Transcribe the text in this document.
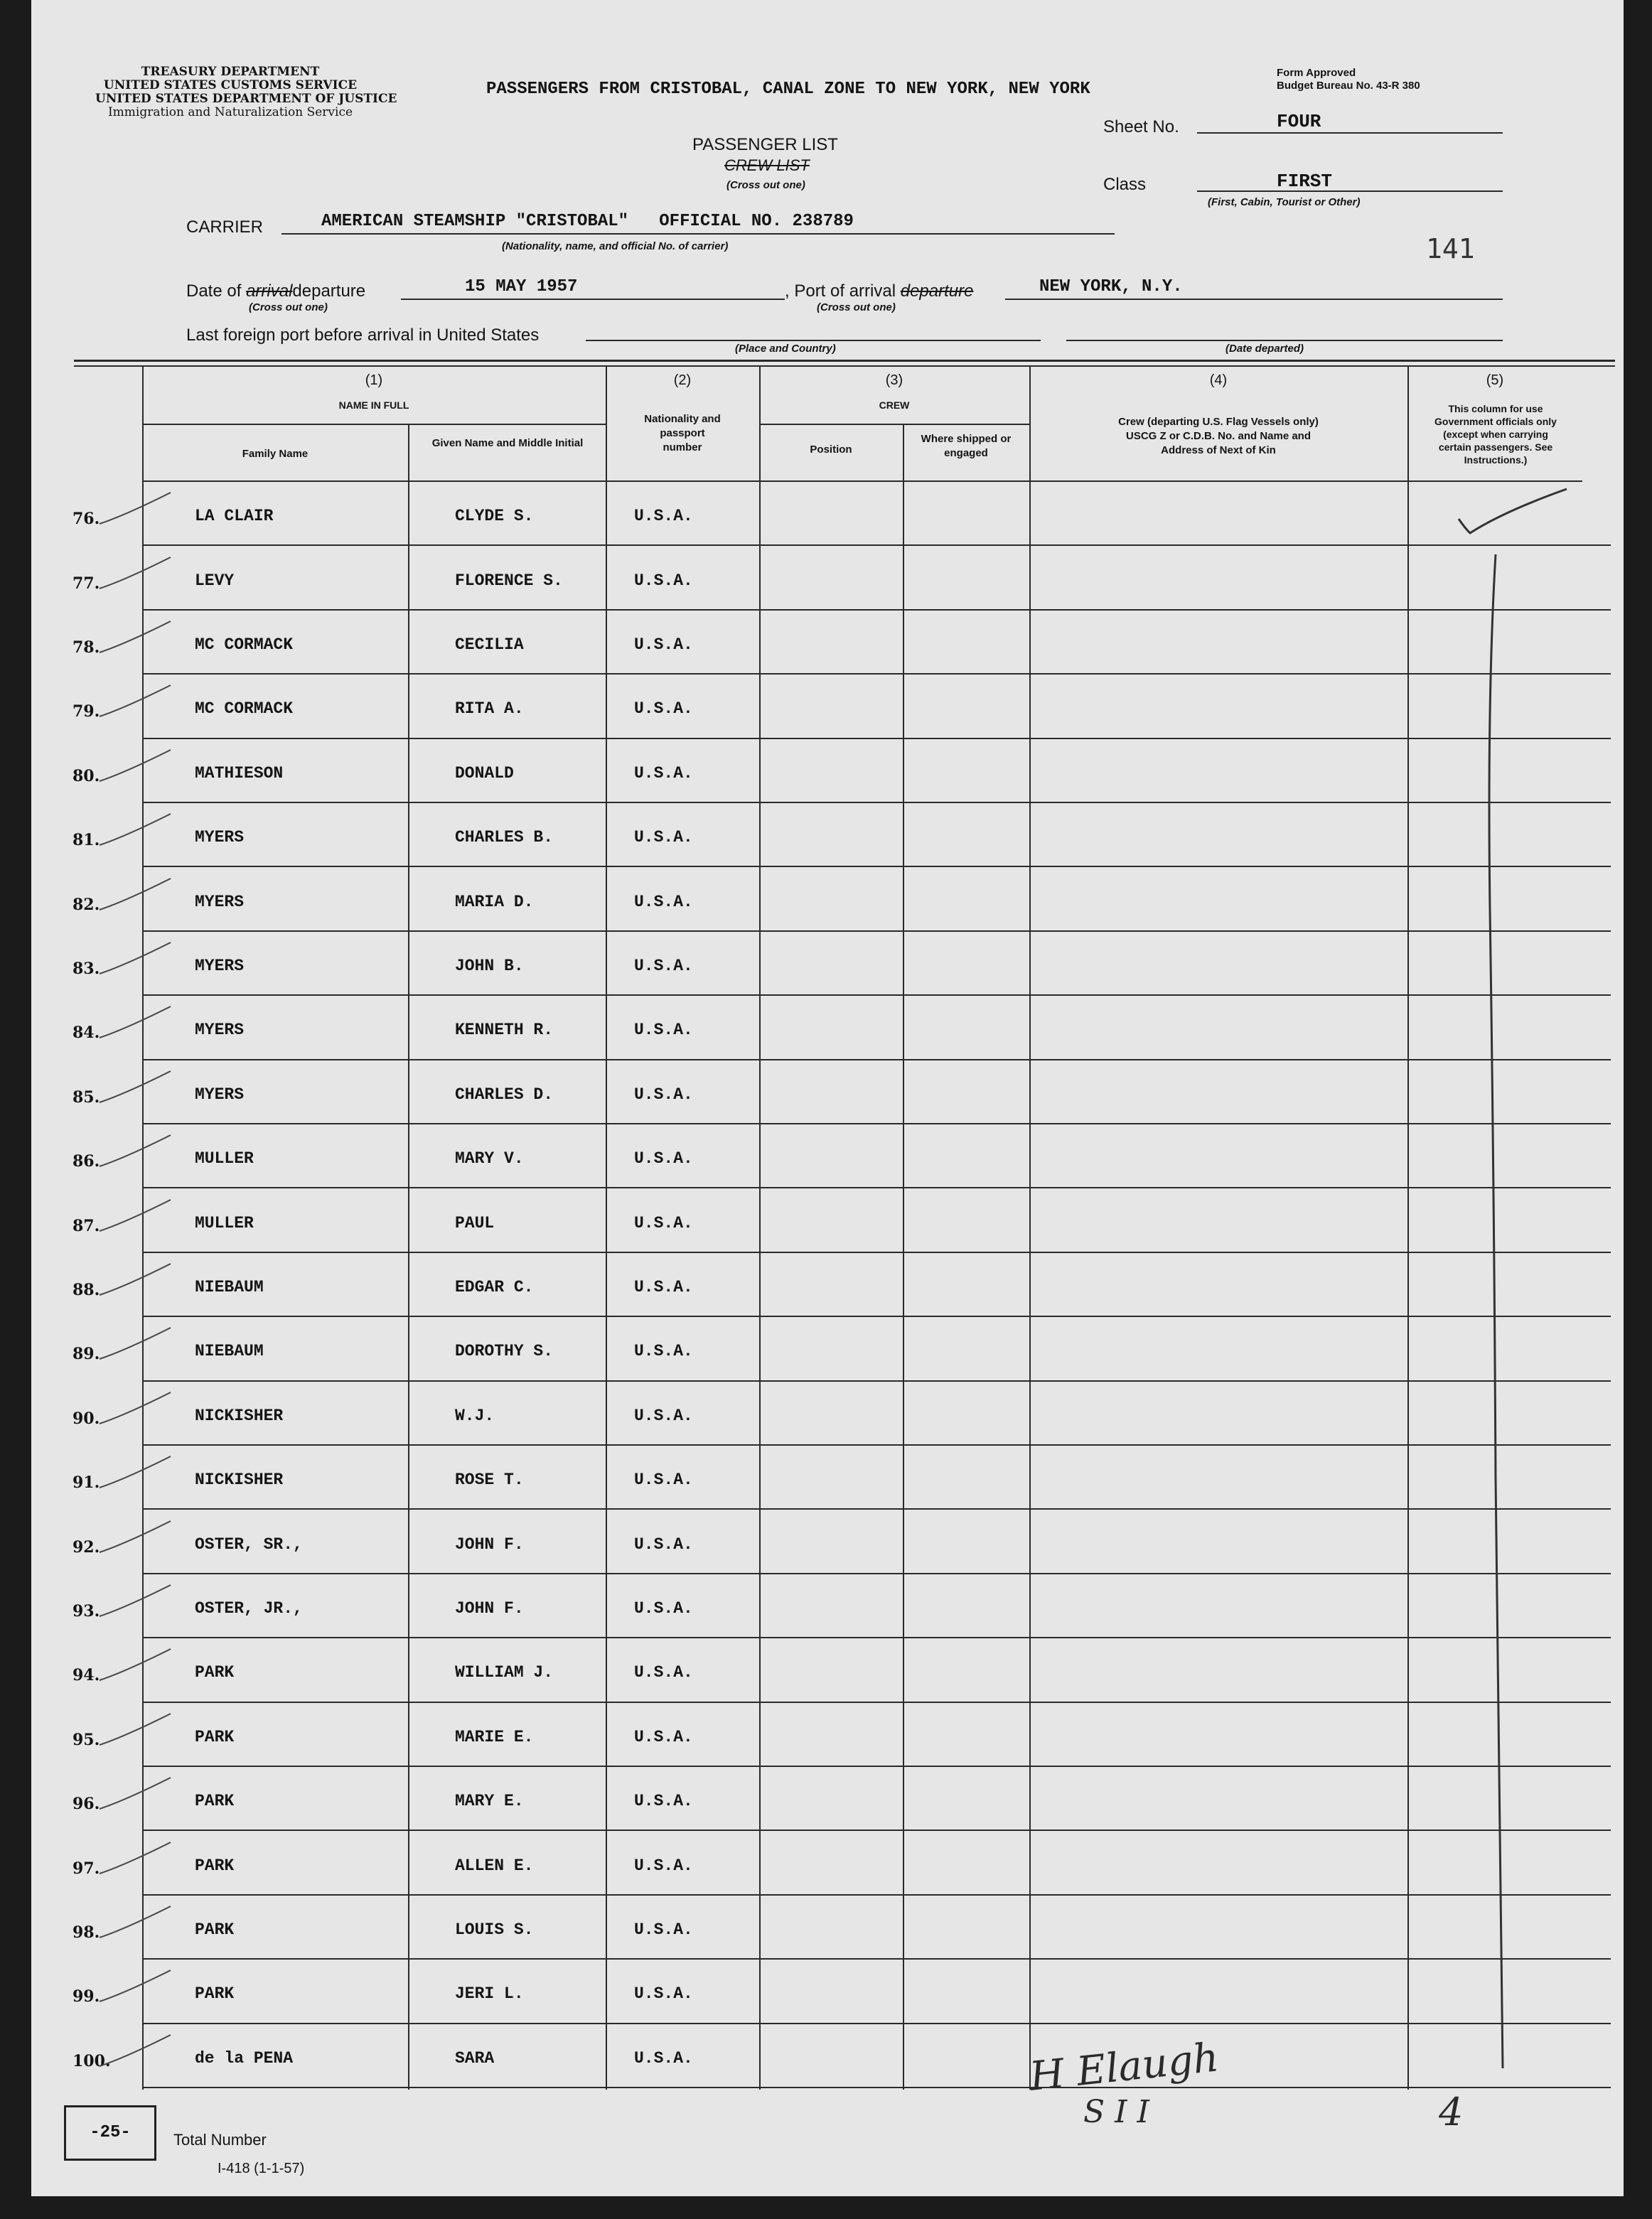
TREASURY DEPARTMENT
UNITED STATES CUSTOMS SERVICE
UNITED STATES DEPARTMENT OF JUSTICE
Immigration and Naturalization Service
PASSENGERS FROM CRISTOBAL, CANAL ZONE TO NEW YORK, NEW YORK
Form Approved
Budget Bureau No. 43-R 380
PASSENGER LIST
CREW LIST
(Cross out one)
Sheet No.	FOUR
Class	FIRST
(First, Cabin, Tourist or Other)
141
CARRIER	AMERICAN STEAMSHIP "CRISTOBAL"   OFFICIAL NO. 238789
(Nationality, name, and official No. of carrier)
Date of arrivaldeparture
(Cross out one)
15 MAY 1957	, Port of arrival departure
(Cross out one)
NEW YORK, N.Y.
Last foreign port before arrival in United States
(Place and Country)	(Date departed)
(1)
NAME IN FULL
Family Name
Given Name and Middle Initial
(2)
Nationality and passport number
(3)
CREW
Position
Where shipped or engaged
(4)
Crew (departing U.S. Flag Vessels only) USCG Z or C.D.B. No. and Name and Address of Next of Kin
(5)
This column for use Government officials only (except when carrying certain passengers. See Instructions.)
76.	LA CLAIR	CLYDE S.	U.S.A.
77.	LEVY	FLORENCE S.	U.S.A.
78.	MC CORMACK	CECILIA	U.S.A.
79.	MC CORMACK	RITA A.	U.S.A.
80.	MATHIESON	DONALD	U.S.A.
81.	MYERS	CHARLES B.	U.S.A.
82.	MYERS	MARIA D.	U.S.A.
83.	MYERS	JOHN B.	U.S.A.
84.	MYERS	KENNETH R.	U.S.A.
85.	MYERS	CHARLES D.	U.S.A.
86.	MULLER	MARY V.	U.S.A.
87.	MULLER	PAUL	U.S.A.
88.	NIEBAUM	EDGAR C.	U.S.A.
89.	NIEBAUM	DOROTHY S.	U.S.A.
90.	NICKISHER	W.J.	U.S.A.
91.	NICKISHER	ROSE T.	U.S.A.
92.	OSTER, SR.,	JOHN F.	U.S.A.
93.	OSTER, JR.,	JOHN F.	U.S.A.
94.	PARK	WILLIAM J.	U.S.A.
95.	PARK	MARIE E.	U.S.A.
96.	PARK	MARY E.	U.S.A.
97.	PARK	ALLEN E.	U.S.A.
98.	PARK	LOUIS S.	U.S.A.
99.	PARK	JERI L.	U.S.A.
100.	de la PENA	SARA	U.S.A.
-25-	Total Number
I-418 (1-1-57)
H Elaugh
S I I	4
